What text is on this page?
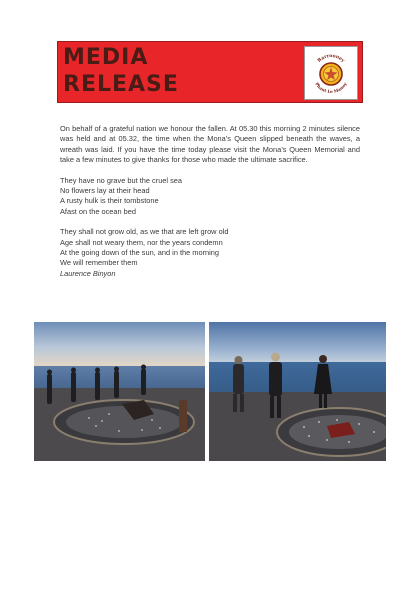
MEDIA
RELEASE
Barrooney
Phant Le Manny

On behalf of a grateful nation we honour the fallen. At 05.30 this morning 2 minutes silence was held and at 05.32, the time when the Mona’s Queen slipped beneath the waves, a wreath was laid. If you have the time today please visit the Mona’s Queen Memorial and take a few minutes to give thanks for those who made the ultimate sacrifice.

They have no grave but the cruel sea
No flowers lay at their head
A rusty hulk is their tombstone
Afast on the ocean bed
They shall not grow old, as we that are left grow old
Age shall not weary them, nor the years condemn
At the going down of the sun, and in the morning
We will remember them
Laurence Binyon
